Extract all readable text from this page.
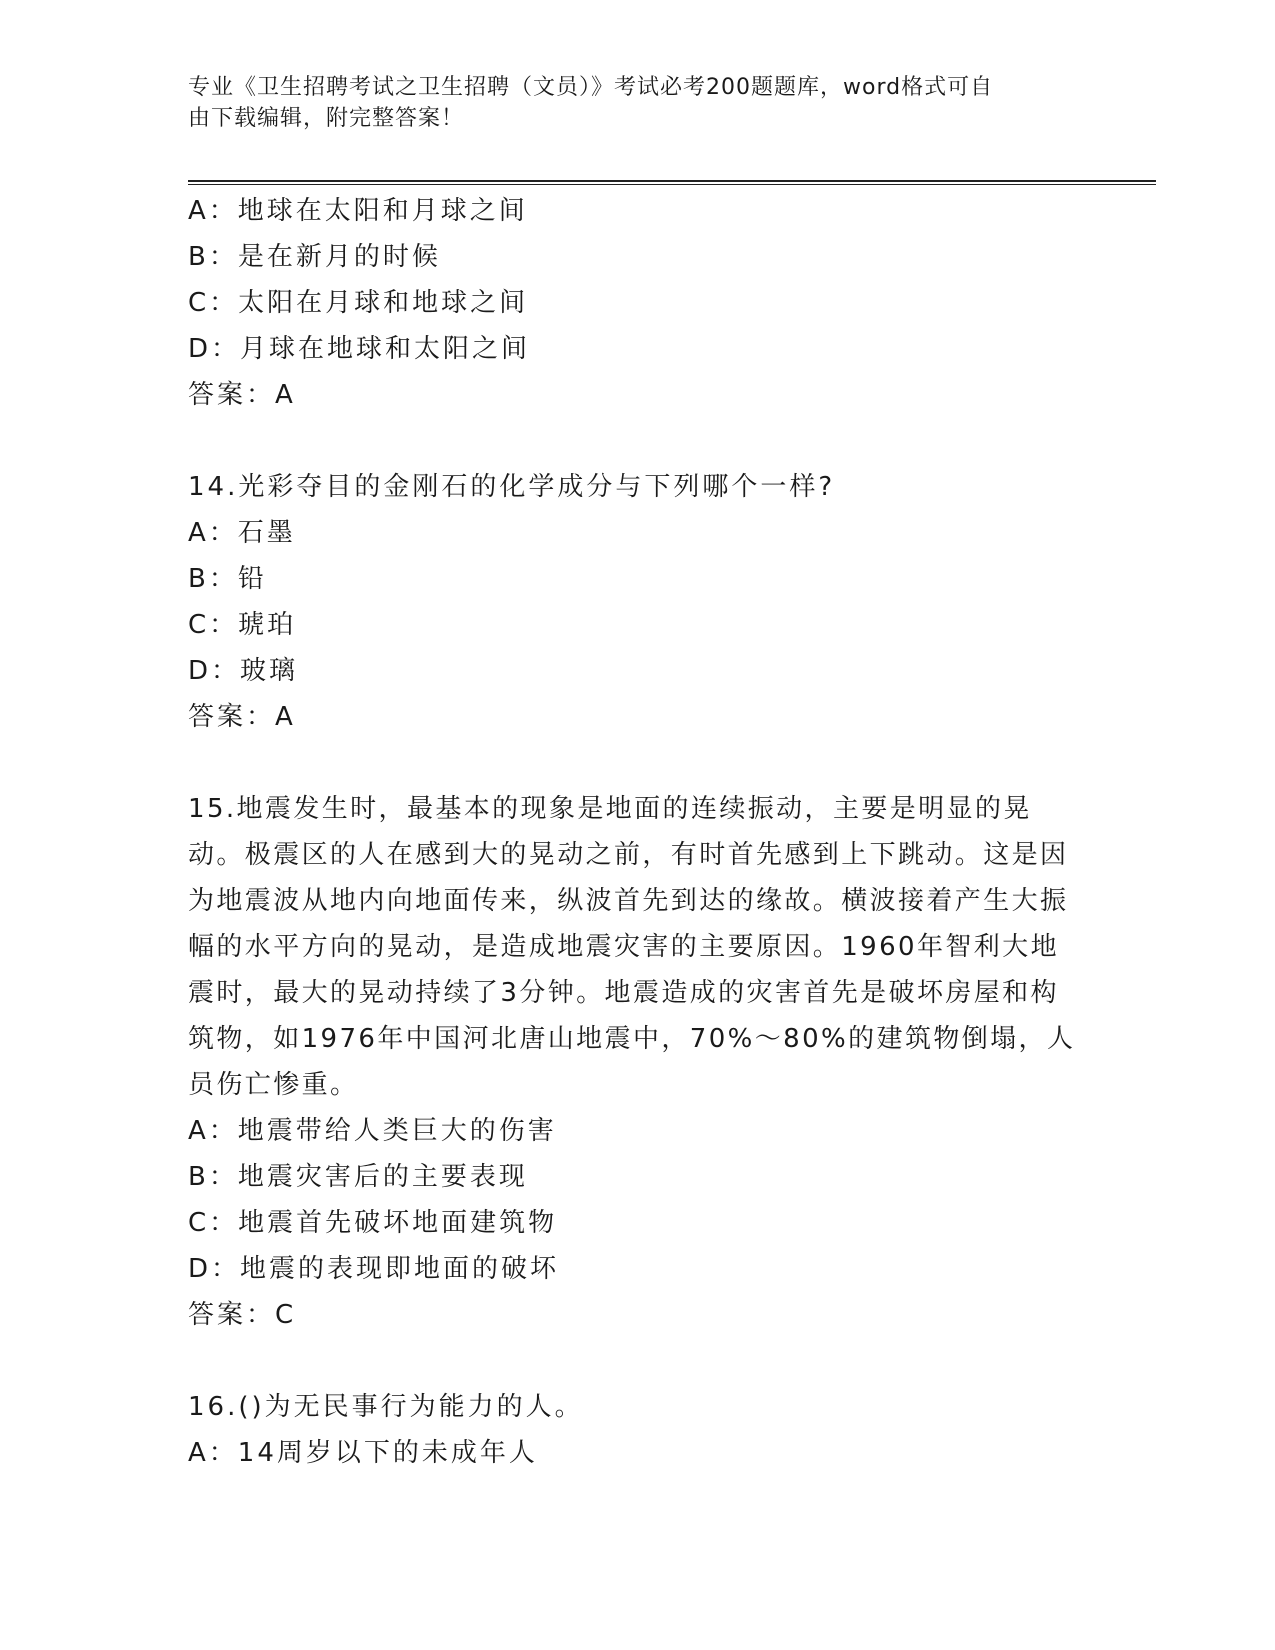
专业《卫生招聘考试之卫生招聘（文员）》考试必考200题题库，word格式可自
由下载编辑，附完整答案！
A：地球在太阳和月球之间
B：是在新月的时候
C：太阳在月球和地球之间
D：月球在地球和太阳之间
答案：A
14.光彩夺目的金刚石的化学成分与下列哪个一样?
A：石墨
B：铅
C：琥珀
D：玻璃
答案：A
15.地震发生时，最基本的现象是地面的连续振动，主要是明显的晃动。极震区的人在感到大的晃动之前，有时首先感到上下跳动。这是因为地震波从地内向地面传来，纵波首先到达的缘故。横波接着产生大振幅的水平方向的晃动，是造成地震灾害的主要原因。1960年智利大地震时，最大的晃动持续了3分钟。地震造成的灾害首先是破坏房屋和构筑物，如1976年中国河北唐山地震中，70%～80%的建筑物倒塌，人员伤亡惨重。
A：地震带给人类巨大的伤害
B：地震灾害后的主要表现
C：地震首先破坏地面建筑物
D：地震的表现即地面的破坏
答案：C
16.()为无民事行为能力的人。
A：14周岁以下的未成年人
